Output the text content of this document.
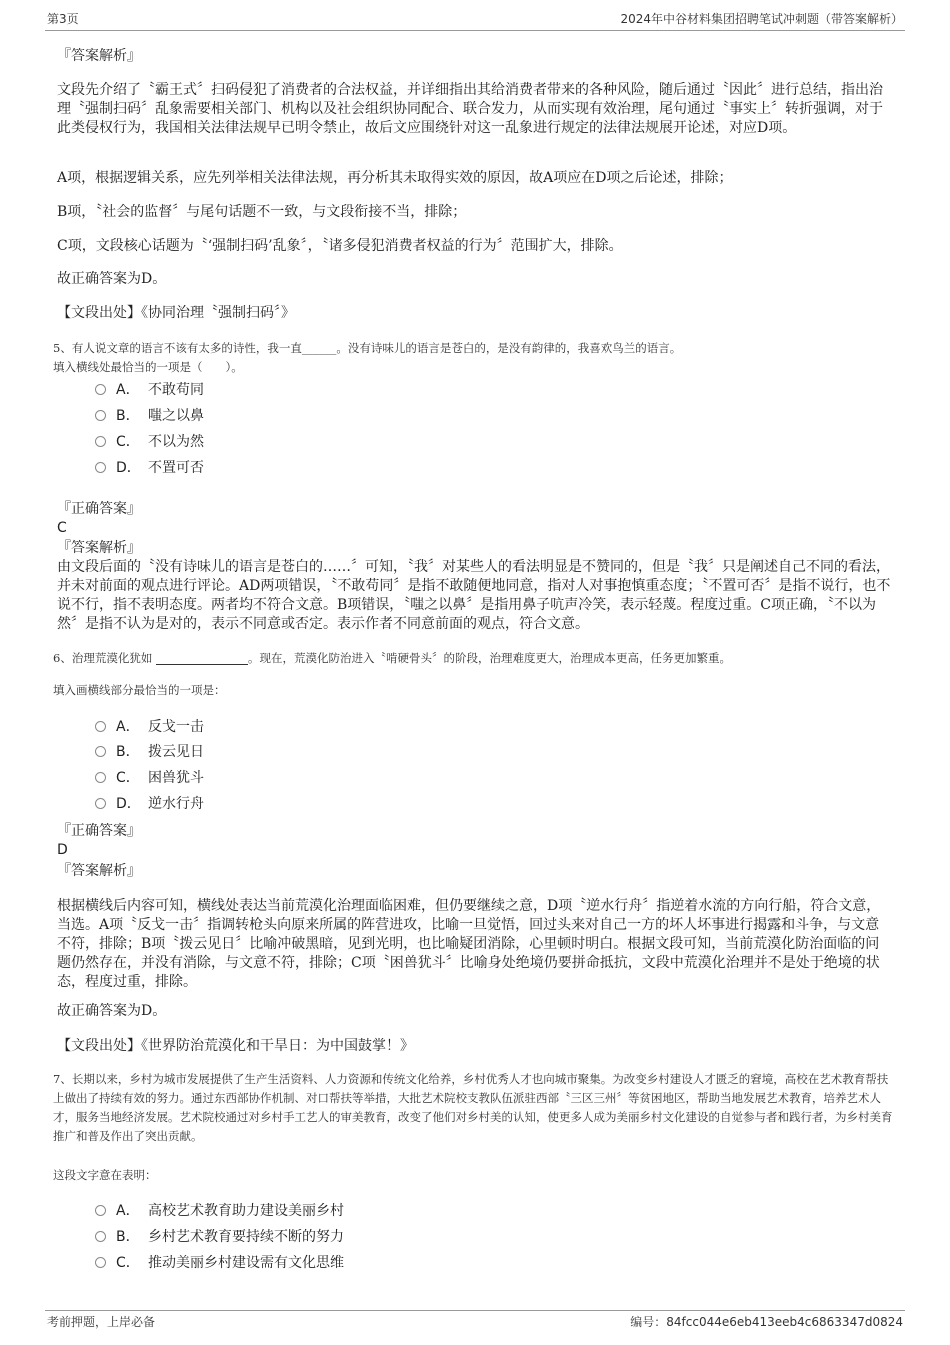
第3页	2024年中谷材料集团招聘笔试冲刺题（带答案解析）
『答案解析』
文段先介绍了〝霸王式〞扫码侵犯了消费者的合法权益，并详细指出其给消费者带来的各种风险，随后通过〝因此〞进行总结，指出治理〝强制扫码〞乱象需要相关部门、机构以及社会组织协同配合、联合发力，从而实现有效治理，尾句通过〝事实上〞转折强调，对于此类侵权行为，我国相关法律法规早已明令禁止，故后文应围绕针对这一乱象进行规定的法律法规展开论述，对应D项。
A项，根据逻辑关系，应先列举相关法律法规，再分析其未取得实效的原因，故A项应在D项之后论述，排除；
B项，〝社会的监督〞与尾句话题不一致，与文段衔接不当，排除；
C项，文段核心话题为〝‘强制扫码’乱象〞，〝诸多侵犯消费者权益的行为〞范围扩大，排除。
故正确答案为D。
【文段出处】《协同治理〝强制扫码〞》
5、有人说文章的语言不该有太多的诗性，我一直______。没有诗味儿的语言是苍白的，是没有韵律的，我喜欢鸟兰的语言。
填入横线处最恰当的一项是（　　）。
A． 不敢苟同
B． 嗤之以鼻
C． 不以为然
D． 不置可否
『正确答案』
C
『答案解析』
由文段后面的〝没有诗味儿的语言是苍白的……〞可知，〝我〞对某些人的看法明显是不赞同的，但是〝我〞只是阐述自己不同的看法，并未对前面的观点进行评论。AD两项错误，〝不敢苟同〞是指不敢随便地同意，指对人对事抱慎重态度；〝不置可否〞是指不说行，也不说不行，指不表明态度。两者均不符合文意。B项错误，〝嗤之以鼻〞是指用鼻子吭声冷笑，表示轻蔑。程度过重。C项正确，〝不以为然〞是指不认为是对的，表示不同意或否定。表示作者不同意前面的观点，符合文意。
6、治理荒漠化犹如	。现在，荒漠化防治进入〝啃硬骨头〞的阶段，治理难度更大，治理成本更高，任务更加繁重。
填入画横线部分最恰当的一项是：
A． 反戈一击
B． 拨云见日
C． 困兽犹斗
D． 逆水行舟
『正确答案』
D
『答案解析』
根据横线后内容可知，横线处表达当前荒漠化治理面临困难，但仍要继续之意，D项〝逆水行舟〞指逆着水流的方向行船，符合文意，当选。A项〝反戈一击〞指调转枪头向原来所属的阵营进攻，比喻一旦觉悟，回过头来对自己一方的坏人坏事进行揭露和斗争，与文意不符，排除；B项〝拨云见日〞比喻冲破黑暗，见到光明，也比喻疑团消除，心里顿时明白。根据文段可知，当前荒漠化防治面临的问题仍然存在，并没有消除，与文意不符，排除；C项〝困兽犹斗〞比喻身处绝境仍要拼命抵抗，文段中荒漠化治理并不是处于绝境的状态，程度过重，排除。
故正确答案为D。
【文段出处】《世界防治荒漠化和干旱日：为中国鼓掌！》
7、长期以来，乡村为城市发展提供了生产生活资料、人力资源和传统文化给养，乡村优秀人才也向城市聚集。为改变乡村建设人才匮乏的窘境，高校在艺术教育帮扶上做出了持续有效的努力。通过东西部协作机制、对口帮扶等举措，大批艺术院校支教队伍派驻西部〝三区三州〞等贫困地区，帮助当地发展艺术教育，培养艺术人才，服务当地经济发展。艺术院校通过对乡村手工艺人的审美教育，改变了他们对乡村美的认知，使更多人成为美丽乡村文化建设的自觉参与者和践行者，为乡村美育推广和普及作出了突出贡献。
这段文字意在表明：
A． 高校艺术教育助力建设美丽乡村
B． 乡村艺术教育要持续不断的努力
C． 推动美丽乡村建设需有文化思维
考前押题，上岸必备	编号：84fcc044e6eb413eeb4c6863347d0824
